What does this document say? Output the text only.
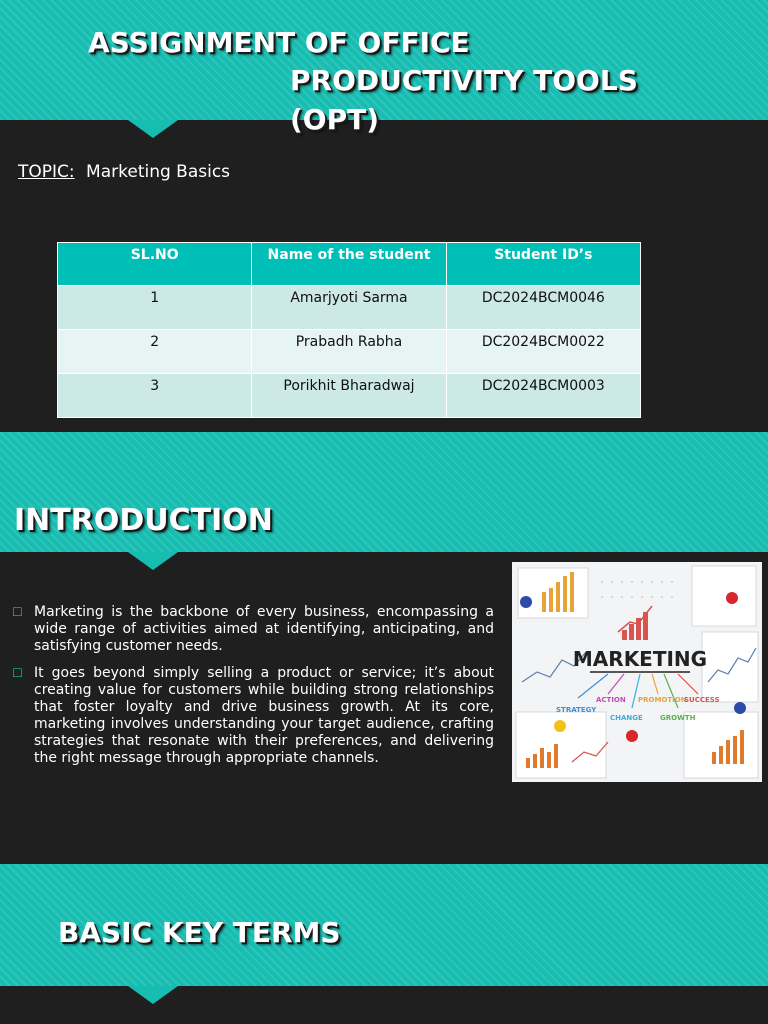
ASSIGNMENT OF OFFICE
PRODUCTIVITY TOOLS
(OPT)
TOPIC: Marketing Basics
SL.NO	Name of the student	Student ID’s
1	Amarjyoti Sarma	DC2024BCM0046
2	Prabadh Rabha	DC2024BCM0022
3	Porikhit Bharadwaj	DC2024BCM0003
INTRODUCTION
☐ Marketing is the backbone of every business, encompassing a wide range of activities aimed at identifying, anticipating, and satisfying customer needs.
☐ It goes beyond simply selling a product or service; it’s about creating value for customers while building strong relationships that foster loyalty and drive business growth. At its core, marketing involves understanding your target audience, crafting strategies that resonate with their preferences, and delivering the right message through appropriate channels.
MARKETING
ACTION PROMOTION
SUCCESS
STRATEGY
CHANGE GROWTH
BASIC KEY TERMS
